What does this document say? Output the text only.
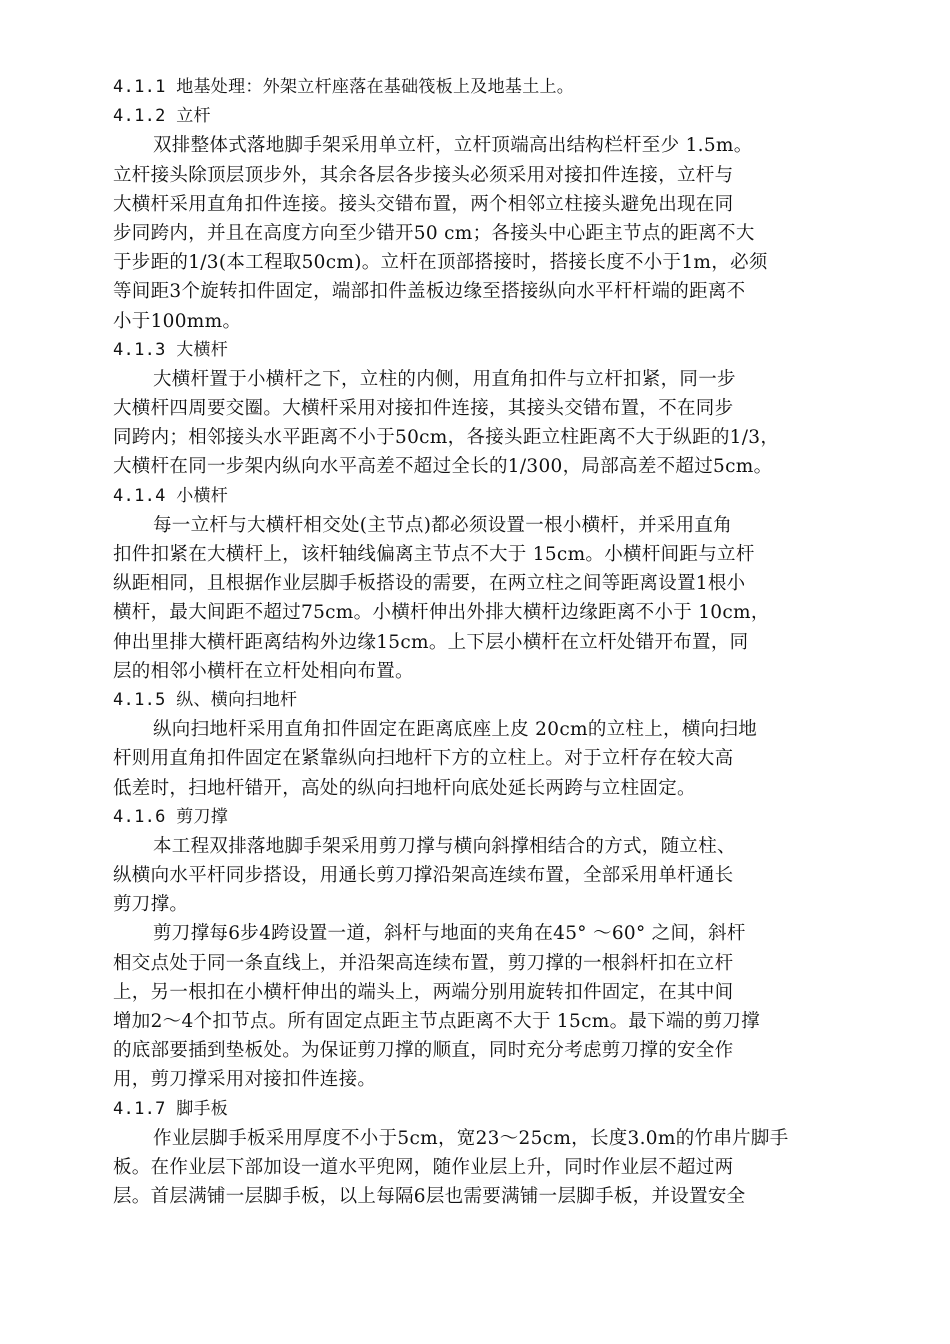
4.1.1 地基处理：外架立杆座落在基础筏板上及地基土上。
4.1.2 立杆
双排整体式落地脚手架采用单立杆，立杆顶端高出结构栏杆至少 1.5m。
立杆接头除顶层顶步外，其余各层各步接头必须采用对接扣件连接，立杆与
大横杆采用直角扣件连接。接头交错布置，两个相邻立柱接头避免出现在同
步同跨内，并且在高度方向至少错开50 cm；各接头中心距主节点的距离不大
于步距的1/3(本工程取50cm)。立杆在顶部搭接时，搭接长度不小于1m，必须
等间距3个旋转扣件固定，端部扣件盖板边缘至搭接纵向水平杆杆端的距离不
小于100mm。
4.1.3 大横杆
大横杆置于小横杆之下，立柱的内侧，用直角扣件与立杆扣紧，同一步
大横杆四周要交圈。大横杆采用对接扣件连接，其接头交错布置，不在同步
同跨内；相邻接头水平距离不小于50cm，各接头距立柱距离不大于纵距的1/3，
大横杆在同一步架内纵向水平高差不超过全长的1/300，局部高差不超过5cm。
4.1.4 小横杆
每一立杆与大横杆相交处(主节点)都必须设置一根小横杆，并采用直角
扣件扣紧在大横杆上，该杆轴线偏离主节点不大于 15cm。小横杆间距与立杆
纵距相同，且根据作业层脚手板搭设的需要，在两立柱之间等距离设置1根小
横杆，最大间距不超过75cm。小横杆伸出外排大横杆边缘距离不小于 10cm，
伸出里排大横杆距离结构外边缘15cm。上下层小横杆在立杆处错开布置，同
层的相邻小横杆在立杆处相向布置。
4.1.5 纵、横向扫地杆
纵向扫地杆采用直角扣件固定在距离底座上皮 20cm的立柱上，横向扫地
杆则用直角扣件固定在紧靠纵向扫地杆下方的立柱上。对于立杆存在较大高
低差时，扫地杆错开，高处的纵向扫地杆向底处延长两跨与立柱固定。
4.1.6 剪刀撑
本工程双排落地脚手架采用剪刀撑与横向斜撑相结合的方式，随立柱、
纵横向水平杆同步搭设，用通长剪刀撑沿架高连续布置，全部采用单杆通长
剪刀撑。
剪刀撑每6步4跨设置一道，斜杆与地面的夹角在45° ～60° 之间，斜杆
相交点处于同一条直线上，并沿架高连续布置，剪刀撑的一根斜杆扣在立杆
上，另一根扣在小横杆伸出的端头上，两端分别用旋转扣件固定，在其中间
增加2～4个扣节点。所有固定点距主节点距离不大于 15cm。最下端的剪刀撑
的底部要插到垫板处。为保证剪刀撑的顺直，同时充分考虑剪刀撑的安全作
用，剪刀撑采用对接扣件连接。
4.1.7 脚手板
作业层脚手板采用厚度不小于5cm，宽23～25cm，长度3.0m的竹串片脚手
板。在作业层下部加设一道水平兜网，随作业层上升，同时作业层不超过两
层。首层满铺一层脚手板，以上每隔6层也需要满铺一层脚手板，并设置安全
